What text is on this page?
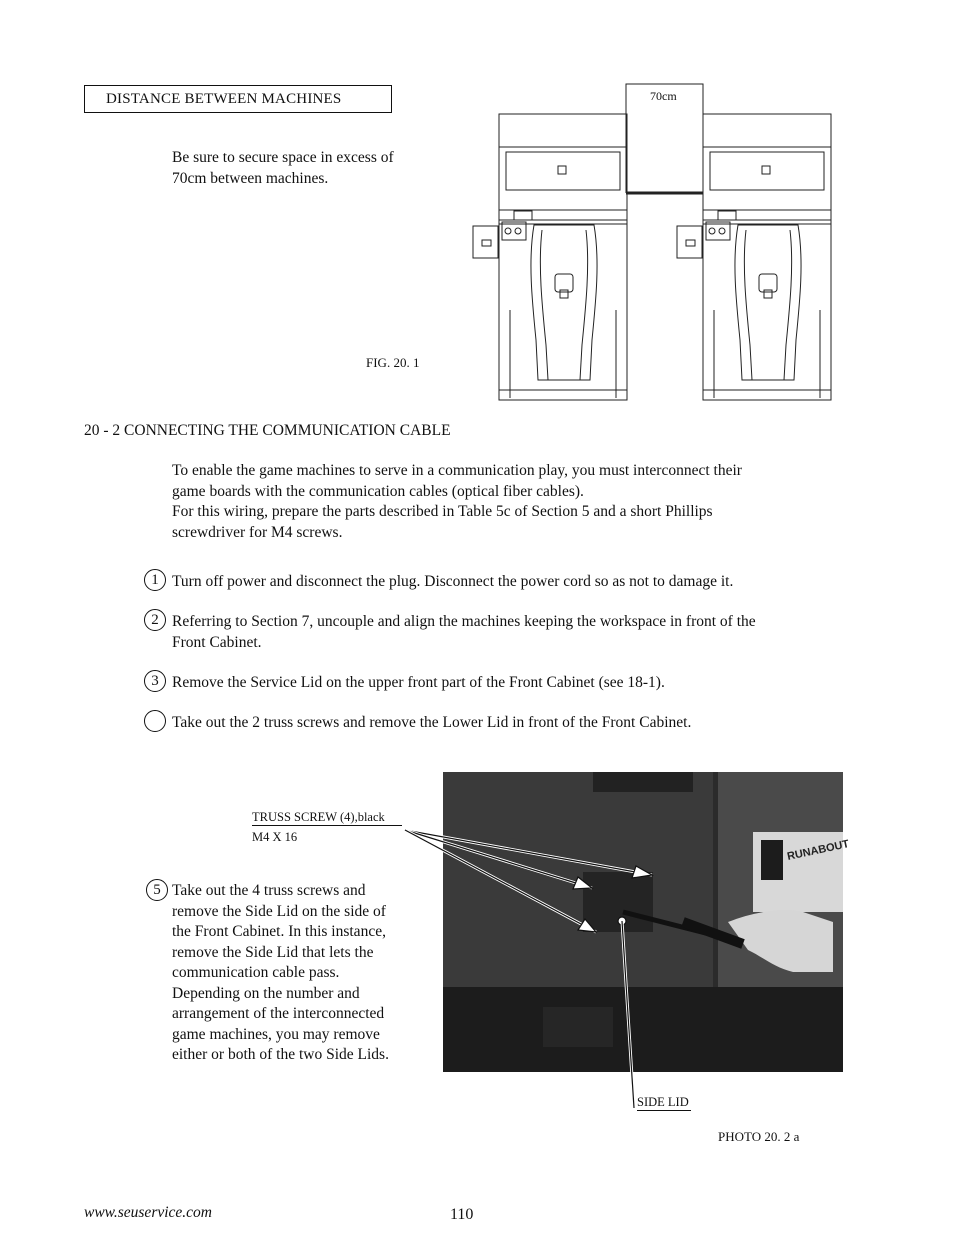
DISTANCE BETWEEN MACHINES
Be sure to secure space in excess of
70cm between machines.
FIG. 20. 1
70cm
20 - 2 CONNECTING THE COMMUNICATION CABLE
To enable the game machines to serve in a communication play, you must interconnect their
game boards with the communication cables (optical fiber cables).
For this wiring, prepare the parts described in Table 5c of Section 5 and a short Phillips
screwdriver for M4 screws.
1 Turn off power and disconnect the plug. Disconnect the power cord so as not to damage it.
2 Referring to Section 7, uncouple and align the machines keeping the workspace in front of the
Front Cabinet.
3 Remove the Service Lid on the upper front part of the Front Cabinet (see 18-1).
Take out the 2 truss screws and remove the Lower Lid in front of the Front Cabinet.
5 Take out the 4 truss screws and
remove the Side Lid on the side of
the Front Cabinet. In this instance,
remove the Side Lid that lets the
communication cable pass.
Depending on the number and
arrangement of the interconnected
game machines, you may remove
either or both of the two Side Lids.
RUNABOUT
TRUSS SCREW (4),black
M4 X 16
SIDE LID
PHOTO 20. 2 a
www.seuservice.com	110
